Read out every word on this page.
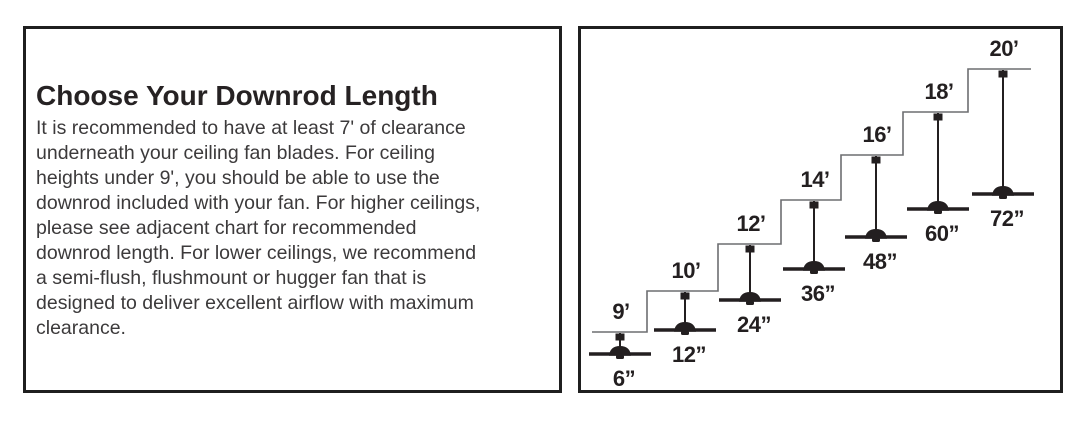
Choose Your Downrod Length
It is recommended to have at least 7' of clearance
underneath your ceiling fan blades. For ceiling
heights under 9', you should be able to use the
downrod included with your fan. For higher ceilings,
please see adjacent chart for recommended
downrod length. For lower ceilings, we recommend
a semi-flush, flushmount or hugger fan that is
designed to deliver excellent airflow with maximum
clearance.
9’
6”
10’
12”
12’
24”
14’
36”
16’
48”
18’
60”
20’
72”
